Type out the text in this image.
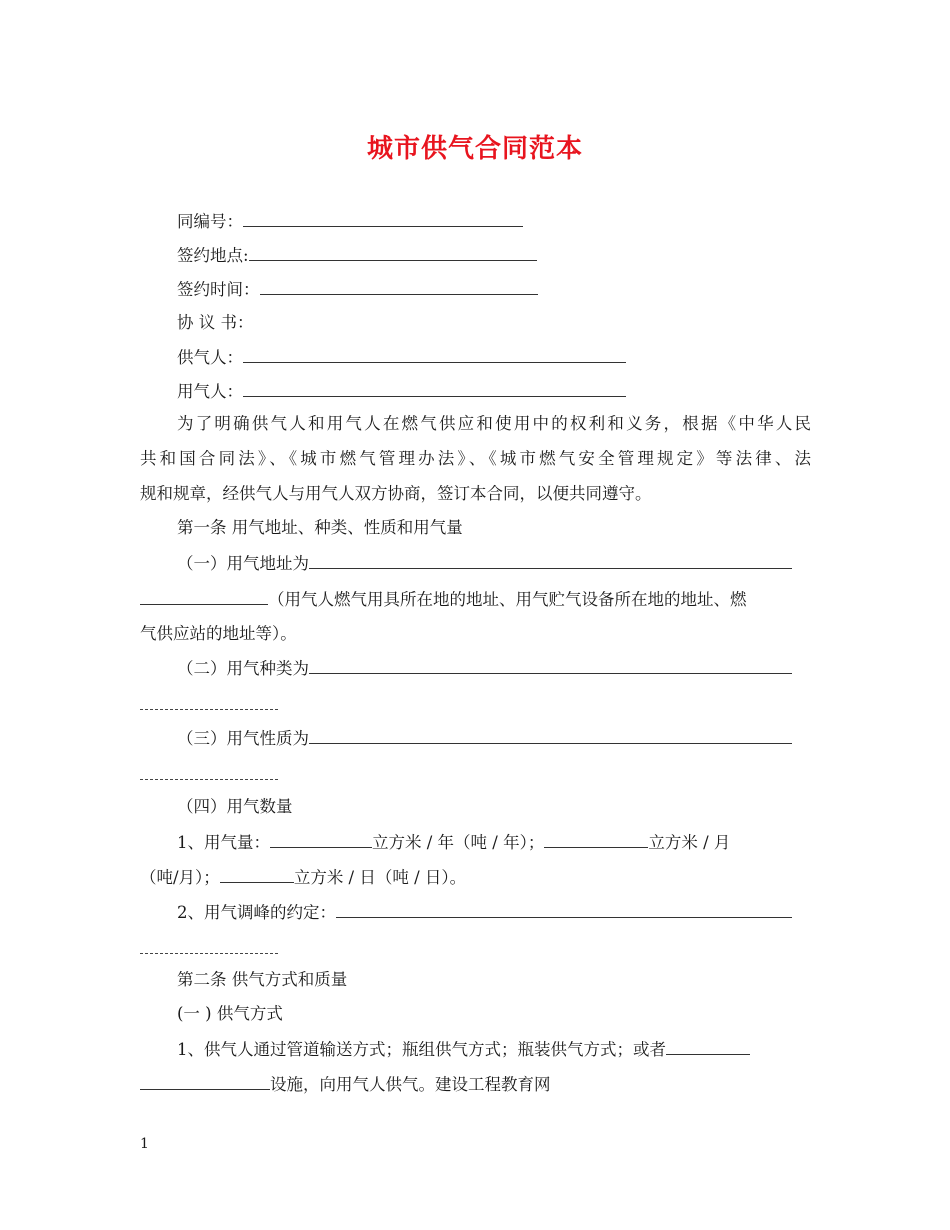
城市供气合同范本
同编号：
签约地点:
签约时间：
协 议 书：
供气人：
用气人：
为了明确供气人和用气人在燃气供应和使用中的权利和义务，根据《中华人民
共和国合同法》、《城市燃气管理办法》、《城市燃气安全管理规定》等法律、法
规和规章，经供气人与用气人双方协商，签订本合同，以便共同遵守。
第一条 用气地址、种类、性质和用气量
（一）用气地址为
（用气人燃气用具所在地的地址、用气贮气设备所在地的地址、燃
气供应站的地址等）。
（二）用气种类为
（三）用气性质为
（四）用气数量
1、用气量：	立方米 / 年（吨 / 年）；	立方米 / 月
（吨/月）；	立方米 / 日（吨 / 日）。
2、用气调峰的约定：
第二条 供气方式和质量
(一 ) 供气方式
1、供气人通过管道输送方式；瓶组供气方式；瓶装供气方式；或者
设施，向用气人供气。建设工程教育网
1
